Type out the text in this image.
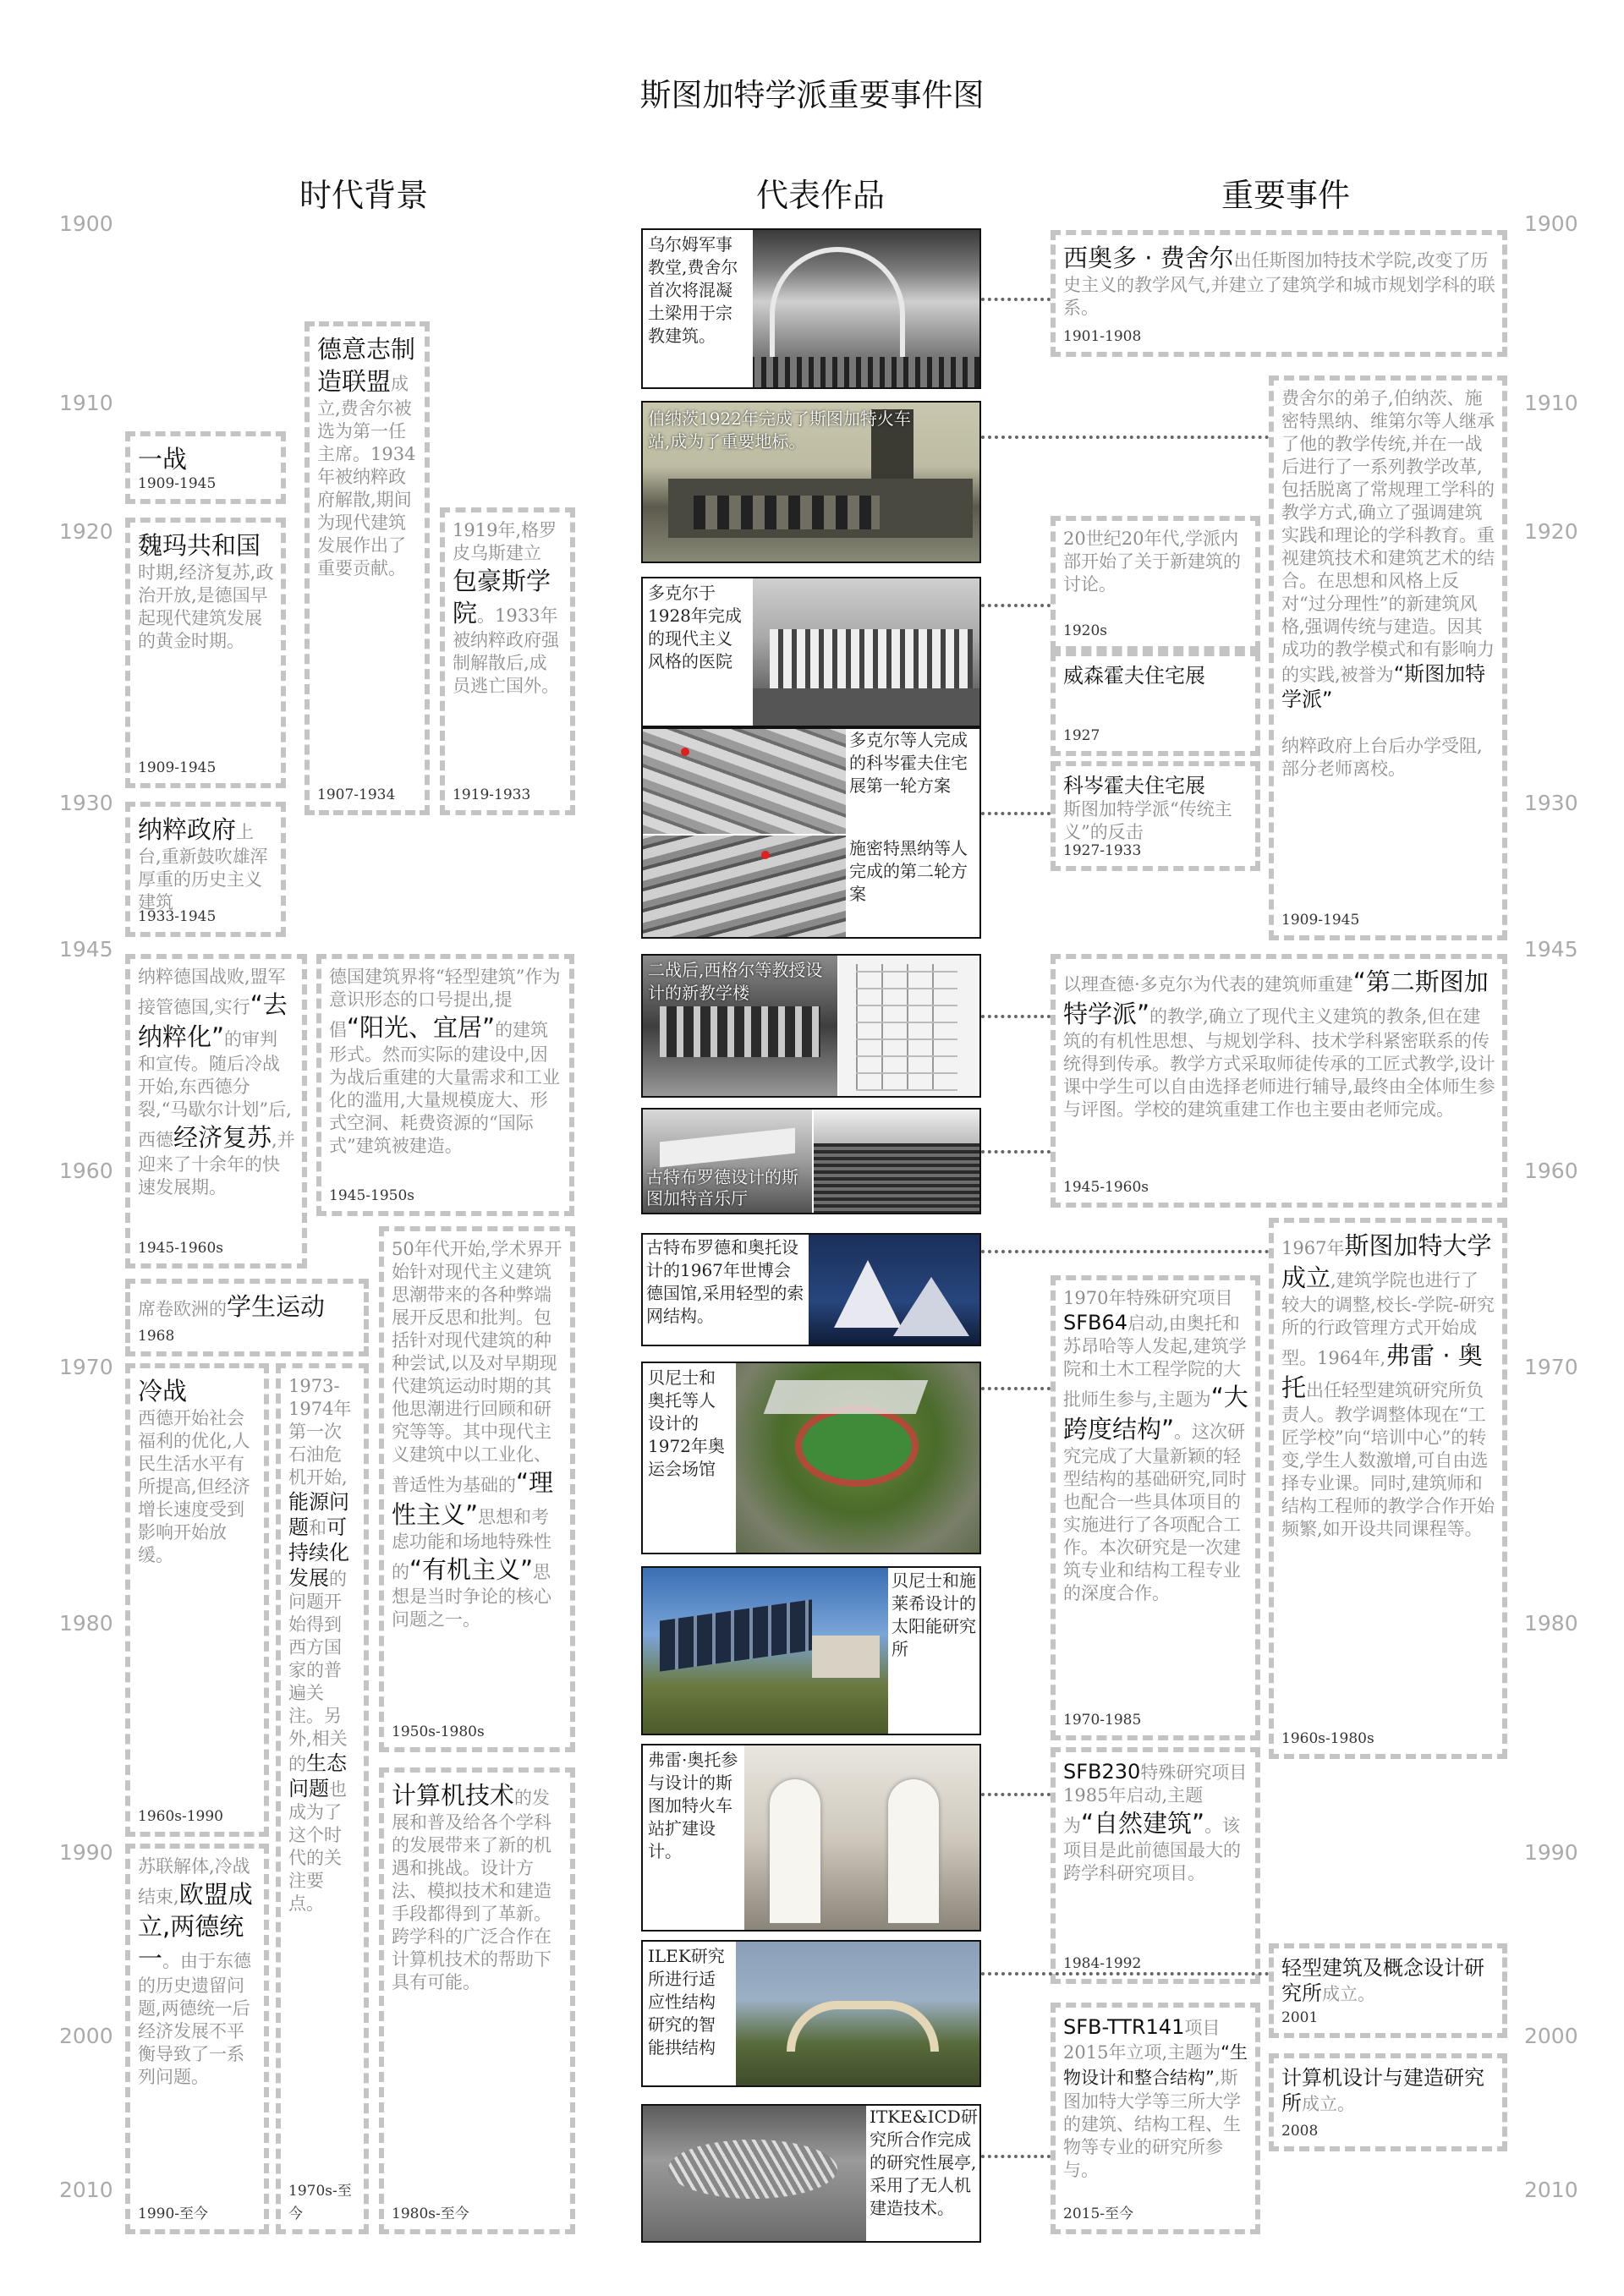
斯图加特学派重要事件图
时代背景	代表作品	重要事件
1900	1900
1910	1910
1920	1920
1930	1930
1945	1945
1960	1960
1970	1970
1980	1980
1990	1990
2000	2000
2010	2010
一战
1909-1945
魏玛共和国时期,经济复苏,政治开放,是德国早起现代建筑发展的黄金时期。
1909-1945
德意志制造联盟成立,费舍尔被选为第一任主席。1934年被纳粹政府解散,期间为现代建筑发展作出了重要贡献。
1907-1934
1919年,格罗皮乌斯建立包豪斯学院。1933年被纳粹政府强制解散后,成员逃亡国外。
1919-1933
纳粹政府上台,重新鼓吹雄浑厚重的历史主义建筑
1933-1945
纳粹德国战败,盟军接管德国,实行“去纳粹化”的审判和宣传。随后冷战开始,东西德分裂,“马歇尔计划”后,西德经济复苏,并迎来了十余年的快速发展期。
1945-1960s
德国建筑界将“轻型建筑”作为意识形态的口号提出,提倡“阳光、宜居”的建筑形式。然而实际的建设中,因为战后重建的大量需求和工业化的滥用,大量规模庞大、形式空洞、耗费资源的“国际式”建筑被建造。
1945-1950s
席卷欧洲的学生运动
1968
冷战
西德开始社会福利的优化,人民生活水平有所提高,但经济增长速度受到影响开始放缓。
1960s-1990
1973-1974年第一次石油危机开始,能源问题和可持续化发展的问题开始得到西方国家的普遍关注。另外,相关的生态问题也成为了这个时代的关注要点。
1970s-至今
50年代开始,学术界开始针对现代主义建筑思潮带来的各种弊端展开反思和批判。包括针对现代建筑的种种尝试,以及对早期现代建筑运动时期的其他思潮进行回顾和研究等等。其中现代主义建筑中以工业化、普适性为基础的“理性主义”思想和考虑功能和场地特殊性的“有机主义”思想是当时争论的核心问题之一。
1950s-1980s
苏联解体,冷战结束,欧盟成立,两德统一。由于东德的历史遗留问题,两德统一后经济发展不平衡导致了一系列问题。
1990-至今
计算机技术的发展和普及给各个学科的发展带来了新的机遇和挑战。设计方法、模拟技术和建造手段都得到了革新。跨学科的广泛合作在计算机技术的帮助下具有可能。
1980s-至今
乌尔姆军事教堂,费舍尔首次将混凝土梁用于宗教建筑。
伯纳茨1922年完成了斯图加特火车站,成为了重要地标。
多克尔于1928年完成的现代主义风格的医院
多克尔等人完成的科岑霍夫住宅展第一轮方案
施密特黑纳等人完成的第二轮方案
二战后,西格尔等教授设计的新教学楼
古特布罗德设计的斯图加特音乐厅
古特布罗德和奥托设计的1967年世博会德国馆,采用轻型的索网结构。
贝尼士和奥托等人设计的1972年奥运会场馆
贝尼士和施莱希设计的太阳能研究所
弗雷·奥托参与设计的斯图加特火车站扩建设计。
ILEK研究所进行适应性结构研究的智能拱结构
ITKE&ICD研究所合作完成的研究性展亭,采用了无人机建造技术。
西奥多 · 费舍尔出任斯图加特技术学院,改变了历史主义的教学风气,并建立了建筑学和城市规划学科的联系。
1901-1908
费舍尔的弟子,伯纳茨、施密特黑纳、维第尔等人继承了他的教学传统,并在一战后进行了一系列教学改革,包括脱离了常规理工学科的教学方式,确立了强调建筑实践和理论的学科教育。重视建筑技术和建筑艺术的结合。在思想和风格上反对“过分理性”的新建筑风格,强调传统与建造。因其成功的教学模式和有影响力的实践,被誉为“斯图加特学派”

纳粹政府上台后办学受阻,部分老师离校。
1909-1945
20世纪20年代,学派内部开始了关于新建筑的讨论。
1920s
威森霍夫住宅展
1927
科岑霍夫住宅展
斯图加特学派“传统主义”的反击
1927-1933
以理查德·多克尔为代表的建筑师重建“第二斯图加特学派”的教学,确立了现代主义建筑的教条,但在建筑的有机性思想、与规划学科、技术学科紧密联系的传统得到传承。教学方式采取师徒传承的工匠式教学,设计课中学生可以自由选择老师进行辅导,最终由全体师生参与评图。学校的建筑重建工作也主要由老师完成。
1945-1960s
1970年特殊研究项目SFB64启动,由奥托和苏昂哈等人发起,建筑学院和土木工程学院的大批师生参与,主题为“大跨度结构”。这次研究完成了大量新颖的轻型结构的基础研究,同时也配合一些具体项目的实施进行了各项配合工作。本次研究是一次建筑专业和结构工程专业的深度合作。
1970-1985
1967年斯图加特大学成立,建筑学院也进行了较大的调整,校长-学院-研究所的行政管理方式开始成型。1964年,弗雷 · 奥托出任轻型建筑研究所负责人。教学调整体现在“工匠学校”向“培训中心”的转变,学生人数激增,可自由选择专业课。同时,建筑师和结构工程师的教学合作开始频繁,如开设共同课程等。
1960s-1980s
SFB230特殊研究项目1985年启动,主题为“自然建筑”。该项目是此前德国最大的跨学科研究项目。
1984-1992	轻型建筑及概念设计研究所成立。
2001
SFB-TTR141项目2015年立项,主题为“生物设计和整合结构”,斯图加特大学等三所大学的建筑、结构工程、生物等专业的研究所参与。
2015-至今
计算机设计与建造研究所成立。
2008
